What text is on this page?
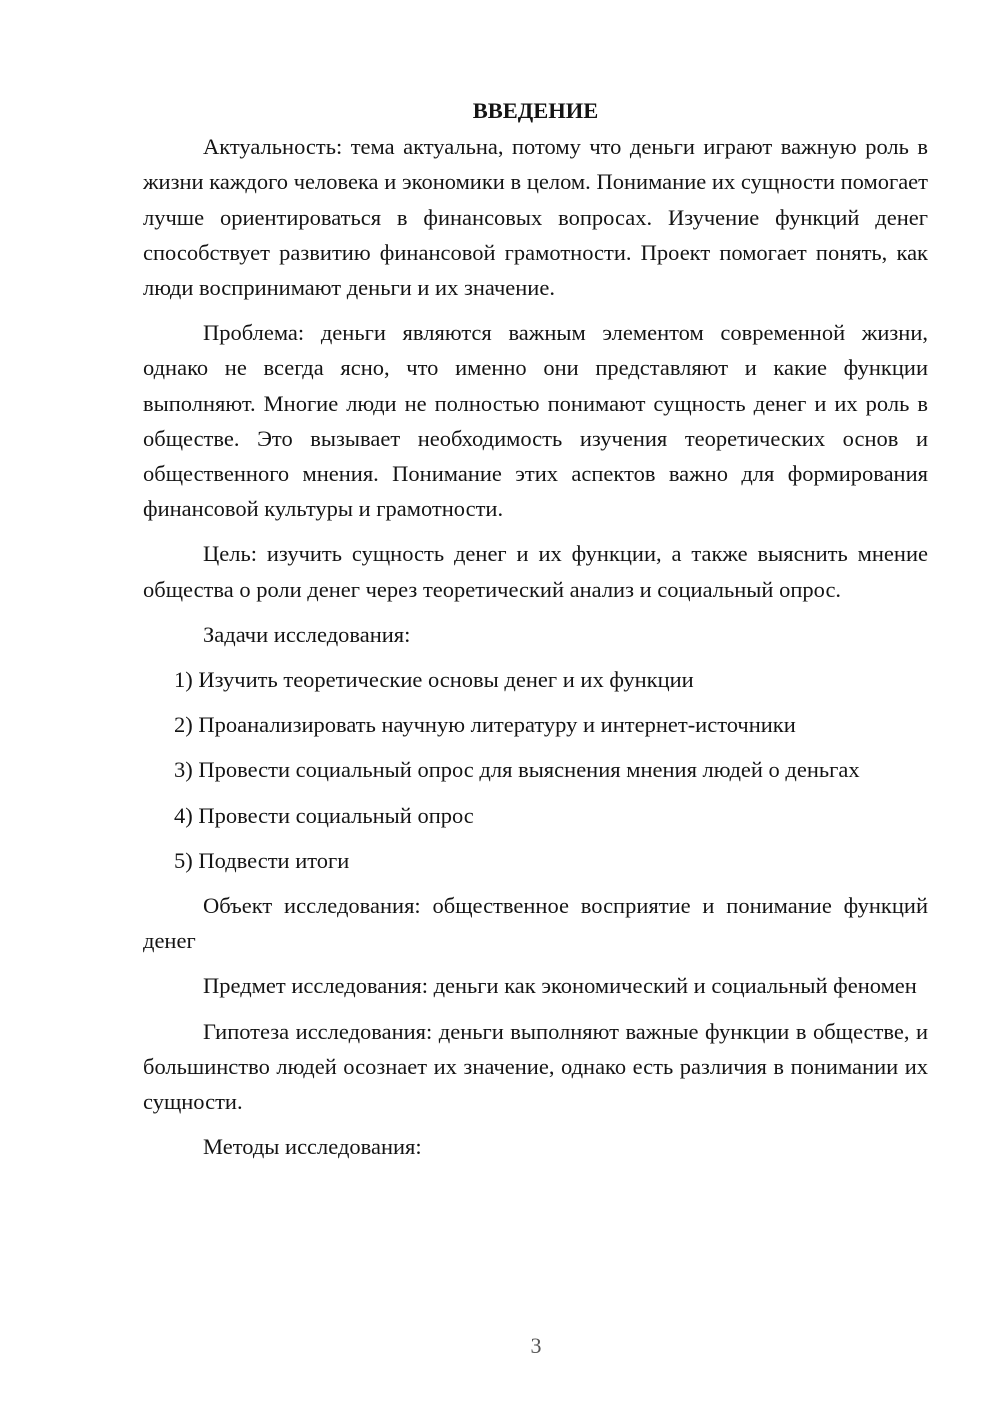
ВВЕДЕНИЕ

Актуальность: тема актуальна, потому что деньги играют важную роль в жизни каждого человека и экономики в целом. Понимание их сущности помогает лучше ориентироваться в финансовых вопросах. Изучение функций денег способствует развитию финансовой грамотности. Проект помогает понять, как люди воспринимают деньги и их значение.

Проблема: деньги являются важным элементом современной жизни, однако не всегда ясно, что именно они представляют и какие функции выполняют. Многие люди не полностью понимают сущность денег и их роль в обществе. Это вызывает необходимость изучения теоретических основ и общественного мнения. Понимание этих аспектов важно для формирования финансовой культуры и грамотности.

Цель: изучить сущность денег и их функции, а также выяснить мнение общества о роли денег через теоретический анализ и социальный опрос.

Задачи исследования:

1) Изучить теоретические основы денег и их функции
2) Проанализировать научную литературу и интернет-источники
3) Провести социальный опрос для выяснения мнения людей о деньгах
4) Провести социальный опрос
5) Подвести итоги

Объект исследования: общественное восприятие и понимание функций денег

Предмет исследования: деньги как экономический и социальный феномен

Гипотеза исследования: деньги выполняют важные функции в обществе, и большинство людей осознает их значение, однако есть различия в понимании их сущности.

Методы исследования:

3
